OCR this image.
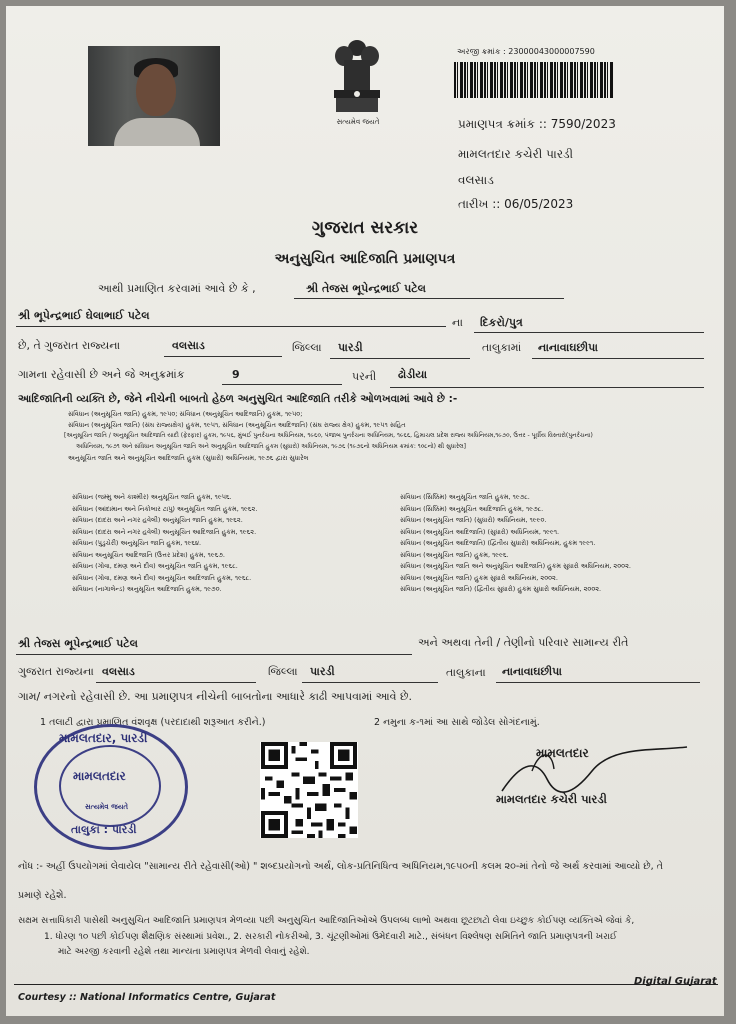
સત્યમેવ જયતે
અરજી ક્રમાંક : 23000043000007590
પ્રમાણપત્ર ક્રમાંક :: 7590/2023
મામલતદાર કચેરી પારડી
વલસાડ
તારીખ :: 06/05/2023
ગુજરાત સરકાર
અનુસુચિત આદિજાતિ પ્રમાણપત્ર
આથી પ્રમાણિત કરવામાં આવે છે કે ,	શ્રી તેજસ ભૂપેન્દ્રભાઈ પટેલ
શ્રી ભૂપેન્દ્રભાઈ ઘેલાભાઈ પટેલ
ના દિકરો/પુત્ર
છે, તે ગુજરાત રાજ્યના	વલસાડ	જિલ્લા પારડી	તાલુકામાં નાનાવાઘછીપા
ગામના રહેવાસી છે અને જે અનુક્રમાંક	9	પરની ઢોડીયા
આદિજાતિની વ્યક્તિ છે, જેને નીચેની બાબતો હેઠળ અનુસુચિત આદિજાતિ તરીકે ઓળખવામાં આવે છે :-
સંવિધાન (અનુસૂચિત જાતિ) હુકમ, ૧૯૫૦; સંવિધાન (અનુસૂચિત આદિજાતિ) હુકમ, ૧૯૫૦;
સંવિધાન (અનુસૂચિત જાતિ) (સંઘ રાજ્યક્ષેત્ર) હુકમ, ૧૯૫૧, સંવિધાન (અનુસૂચિત આદિજાતિ) (સંઘ રાજ્ય ક્ષેત્ર) હુકમ, ૧૯૫૧ સહિત
[અનુસૂચિત જાતિ / અનુસૂચિત આદિજાતિ યાદી (ફેરફાર) હુકમ, ૧૯૫૬, મુંબઈ પુનર્રચના અધિનિયમ, ૧૯૬૦, પંજાબ પુનર્રચના અધિનિયમ, ૧૯૬૬, હિમાચલ પ્રદેશ રાજ્ય અધિનિયમ,૧૯૭૦, ઉત્તર - પૂર્વીય વિસ્તારો(પુનર્રચના)
અધિનિયમ, ૧૯૭૧ અને સંવિધાન અનુસૂચિત જાતિ અને અનુસૂચિત આદિજાતિ હુકમ (સુધારો) અધિનિયમ, ૧૯૭૬ (૧૯૭૬નો અધિનિયમ ક્રમાંક: ૧૦૮નો) થી સુધારેલ]
અનુસૂચિત જાતિ અને અનુસૂચિત આદિજાતિ હુકમ (સુધારો) અધિનિયમ, ૧૯૭૬ દ્વારા સુધારેલ
સંવિધાન (જમ્મુ અને કાશ્મીર) અનુસૂચિત જાતિ હુકમ, ૧૯૫૬.
સંવિધાન (આંદામાન અને નિકોબાર ટાપુ) અનુસૂચિત જાતિ હુકમ, ૧૯૬૨.
સંવિધાન (દાદરા અને નગર હવેલી) અનુસૂચિત જાતિ હુકમ, ૧૯૬૨.
સંવિધાન (દાદરા અને નગર હવેલી) અનુસૂચિત આદિજાતિ હુકમ, ૧૯૬૨.
સંવિધાન (પુડુચેરી) અનુસૂચિત જાતિ હુકમ, ૧૯૬૪.
સંવિધાન અનુસૂચિત આદિજાતિ (ઉત્તર પ્રદેશ) હુકમ, ૧૯૬૭.
સંવિધાન (ગોવા, દમણ અને દીવ) અનુસૂચિત જાતિ હુકમ, ૧૯૬૮.
સંવિધાન (ગોવા, દમણ અને દીવ) અનુસૂચિત આદિજાતિ હુકમ, ૧૯૬૮.
સંવિધાન (નાગાલેન્ડ) અનુસૂચિત આદિજાતિ હુકમ, ૧૯૭૦.
સંવિધાન (સિક્કિમ) અનુસૂચિત જાતિ હુકમ, ૧૯૭૮.
સંવિધાન (સિક્કિમ) અનુસૂચિત આદિજાતિ હુકમ, ૧૯૭૮.
સંવિધાન (અનુસૂચિત જાતિ) (સુધારો) અધિનિયમ, ૧૯૯૦.
સંવિધાન (અનુસૂચિત આદિજાતિ) (સુધારો) અધિનિયમ, ૧૯૯૧.
સંવિધાન (અનુસૂચિત આદિજાતિ) (દ્વિતીય સુધારો) અધિનિયમ, હુકમ ૧૯૯૧.
સંવિધાન (અનુસૂચિત જાતિ) હુકમ, ૧૯૯૬.
સંવિધાન (અનુસૂચિત જાતિ અને અનુસૂચિત આદિજાતિ) હુકમ સુધારો અધિનિયમ, ૨૦૦૨.
સંવિધાન (અનુસૂચિત જાતિ) હુકમ સુધારો અધિનિયમ, ૨૦૦૨.
સંવિધાન (અનુસૂચિત જાતિ) (દ્વિતીય સુધારો) હુકમ સુધારો અધિનિયમ, ૨૦૦૨.
શ્રી તેજસ ભૂપેન્દ્રભાઈ પટેલ	અને અથવા તેની / તેણીનો પરિવાર સામાન્ય રીતે
ગુજરાત રાજ્યના વલસાડ	જિલ્લા પારડી	તાલુકાના નાનાવાઘછીપા
ગામ/ નગરનો રહેવાસી છે. આ પ્રમાણપત્ર નીચેની બાબતોના આધારે કાઢી આપવામાં આવે છે.
1 તલાટી દ્વારા પ્રમાણિત વંશવૃક્ષ (પરદાદાથી શરૂઆત કરીને.)	2 નમુના ક-૧માં આ સાથે જોડેલ સોગંદનામું.
મામલતદાર, પારડી
મામલતદાર
સત્યમેવ જયતે
તાલુકા : પારડી
મામલતદાર
મામલતદાર કચેરી પારડી
નોંધ :- અહીં ઉપયોગમાં લેવાયેલ "સામાન્ય રીતે રહેવાસી(ઓ) " શબ્દપ્રયોગનો અર્થ, લોક-પ્રતિનિધિત્વ અધિનિયમ,૧૯૫૦ની કલમ ૨૦-માં તેનો જે અર્થ કરવામાં આવ્યો છે, તે
પ્રમાણે રહેશે.
સક્ષમ સત્તાધિકારી પાસેથી અનુસુચિત આદિજાતિ પ્રમાણપત્ર મેળવ્યા પછી અનુસુચિત આદિજાતિઓએ ઉપલબ્ધ લાભો અથવા છૂટછાટો લેવા ઇચ્છુક કોઈપણ વ્યક્તિએ જેવાં કે,
1. ધોરણ ૧૦ પછી કોઈપણ શૈક્ષણિક સંસ્થામાં પ્રવેશ., 2. સરકારી નોકરીઓ, 3. ચૂંટણીઓમાં ઉમેદવારી માટે., સંબંધન વિશ્લેષણ સમિતિને જાતિ પ્રમાણપત્રની ખરાઈ
માટે અરજી કરવાની રહેશે તથા માન્યતા પ્રમાણપત્ર મેળવી લેવાનું રહેશે.
Courtesy :: National Informatics Centre, Gujarat
Digital Gujarat
